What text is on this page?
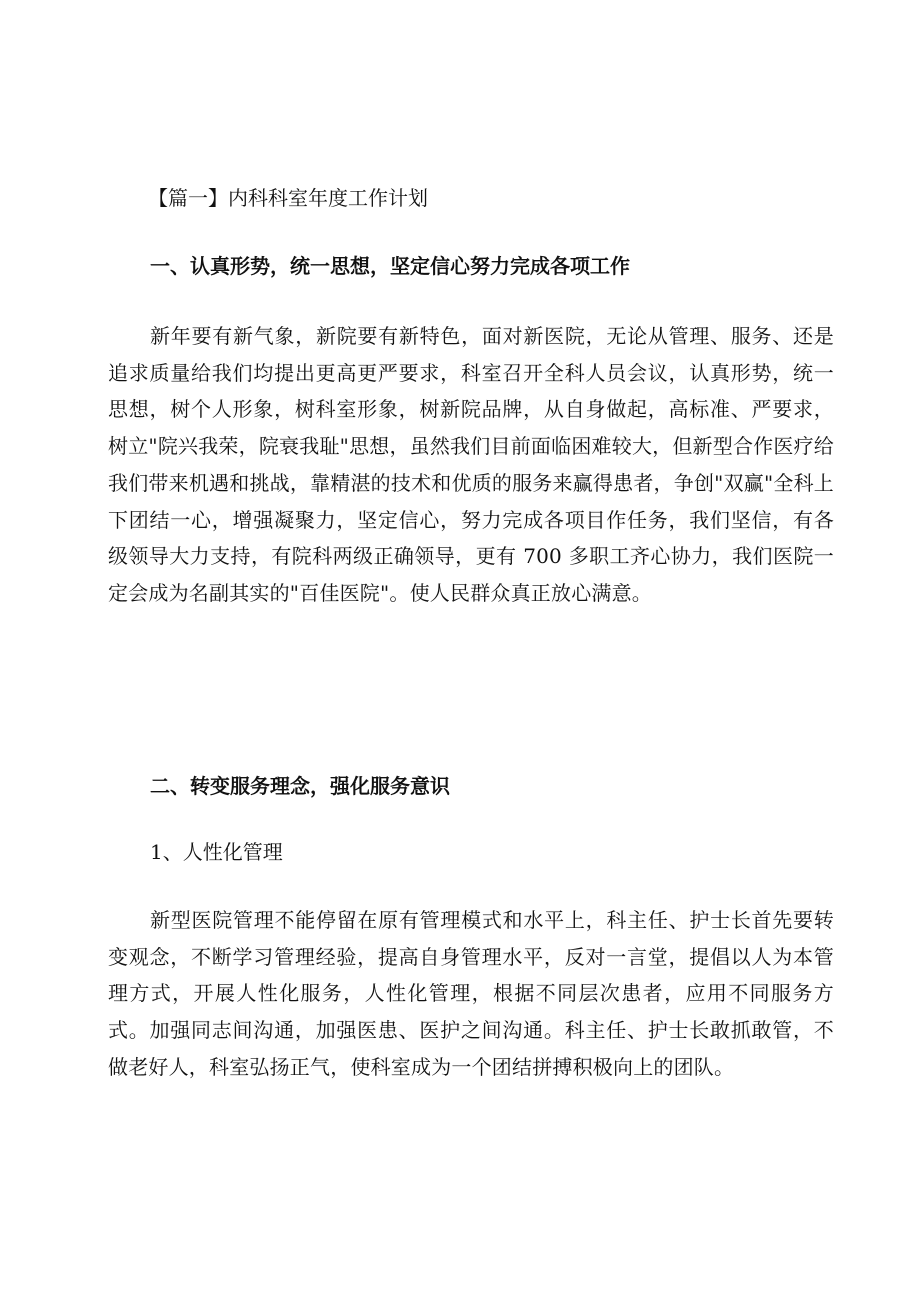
【篇一】内科科室年度工作计划
一、认真形势，统一思想，坚定信心努力完成各项工作

新年要有新气象，新院要有新特色，面对新医院，无论从管理、服务、还是追求质量给我们均提出更高更严要求，科室召开全科人员会议，认真形势，统一思想，树个人形象，树科室形象，树新院品牌，从自身做起，高标准、严要求，树立"院兴我荣，院衰我耻"思想，虽然我们目前面临困难较大，但新型合作医疗给我们带来机遇和挑战，靠精湛的技术和优质的服务来赢得患者，争创"双赢"全科上下团结一心，增强凝聚力，坚定信心，努力完成各项目作任务，我们坚信，有各级领导大力支持，有院科两级正确领导，更有 700 多职工齐心协力，我们医院一定会成为名副其实的"百佳医院"。使人民群众真正放心满意。

二、转变服务理念，强化服务意识
1、人性化管理

新型医院管理不能停留在原有管理模式和水平上，科主任、护士长首先要转变观念，不断学习管理经验，提高自身管理水平，反对一言堂，提倡以人为本管理方式，开展人性化服务，人性化管理，根据不同层次患者，应用不同服务方式。加强同志间沟通，加强医患、医护之间沟通。科主任、护士长敢抓敢管，不做老好人，科室弘扬正气，使科室成为一个团结拼搏积极向上的团队。
